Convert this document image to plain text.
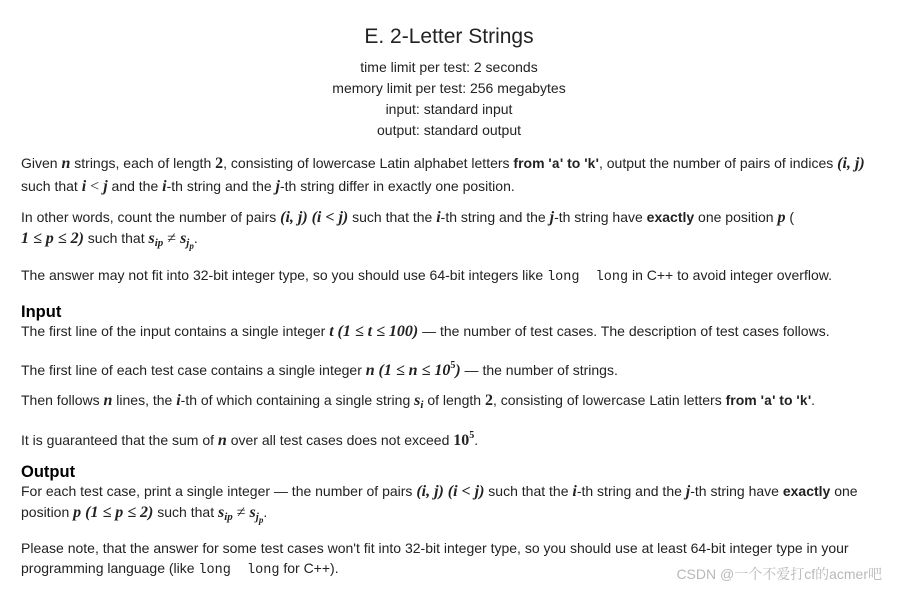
E. 2-Letter Strings
time limit per test: 2 seconds
memory limit per test: 256 megabytes
input: standard input
output: standard output
Given n strings, each of length 2, consisting of lowercase Latin alphabet letters from 'a' to 'k', output the number of pairs of indices (i, j)
such that i < j and the i-th string and the j-th string differ in exactly one position.
In other words, count the number of pairs (i, j) (i < j) such that the i-th string and the j-th string have exactly one position p (
1 ≤ p ≤ 2) such that $s_{ip} \ne s_{j_p}$.
The answer may not fit into 32-bit integer type, so you should use 64-bit integers like long  long in C++ to avoid integer overflow.
Input
The first line of the input contains a single integer t (1 ≤ t ≤ 100) — the number of test cases. The description of test cases follows.
The first line of each test case contains a single integer n $(1 \le n \le 10^5)$ — the number of strings.
Then follows n lines, the i-th of which containing a single string $s_i$ of length 2, consisting of lowercase Latin letters from 'a' to 'k'.
It is guaranteed that the sum of n over all test cases does not exceed $10^5$.
Output
For each test case, print a single integer — the number of pairs (i, j) (i < j) such that the i-th string and the j-th string have exactly one
position p (1 ≤ p ≤ 2) such that $s_{ip} \ne s_{j_p}$.
Please note, that the answer for some test cases won't fit into 32-bit integer type, so you should use at least 64-bit integer type in your programming language (like long  long for C++).	CSDN @一个不爱打cf的acmer吧
